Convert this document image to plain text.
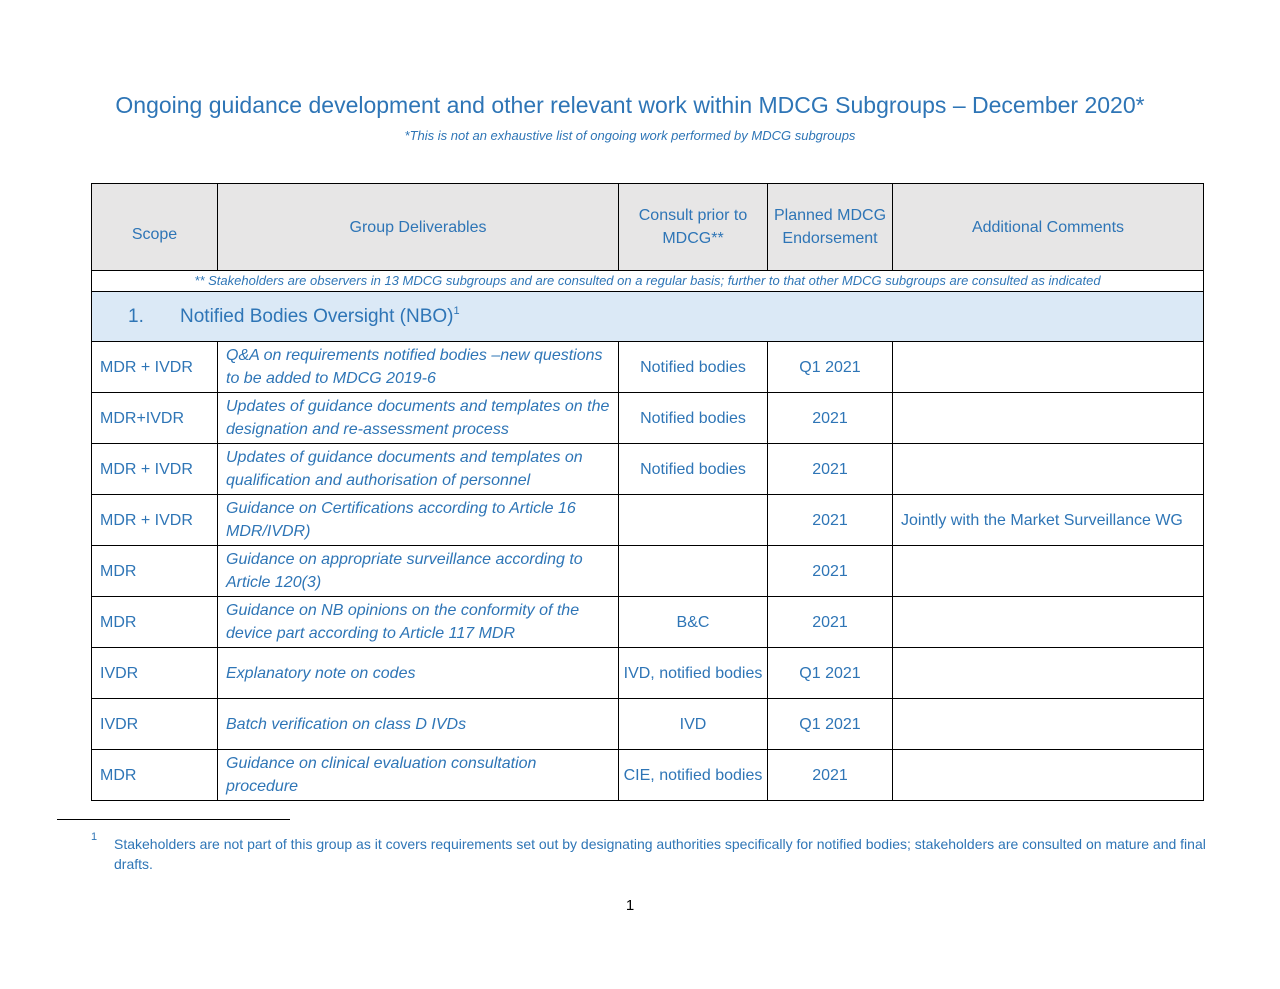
Ongoing guidance development and other relevant work within MDCG Subgroups – December 2020*
*This is not an exhaustive list of ongoing work performed by MDCG subgroups
Scope	Group Deliverables	Consult prior to MDCG**	Planned MDCG Endorsement	Additional Comments
** Stakeholders are observers in 13 MDCG subgroups and are consulted on a regular basis; further to that other MDCG subgroups are consulted as indicated				
1. Notified Bodies Oversight (NBO)$^1$
MDR + IVDR	Q&A on requirements notified bodies –new questions to be added to MDCG 2019-6	Notified bodies	Q1 2021	
MDR+IVDR	Updates of guidance documents and templates on the designation and re-assessment process	Notified bodies	2021	
MDR + IVDR	Updates of guidance documents and templates on qualification and authorisation of personnel	Notified bodies	2021	
MDR + IVDR	Guidance on Certifications according to Article 16 MDR/IVDR)		2021	Jointly with the Market Surveillance WG
MDR	Guidance on appropriate surveillance according to Article 120(3)		2021	
MDR	Guidance on NB opinions on the conformity of the device part according to Article 117 MDR	B&C	2021	
IVDR	Explanatory note on codes	IVD, notified bodies	Q1 2021	
IVDR	Batch verification on class D IVDs	IVD	Q1 2021	
MDR	Guidance on clinical evaluation consultation procedure	CIE, notified bodies	2021	
1 Stakeholders are not part of this group as it covers requirements set out by designating authorities specifically for notified bodies; stakeholders are consulted on mature and final drafts.
1
